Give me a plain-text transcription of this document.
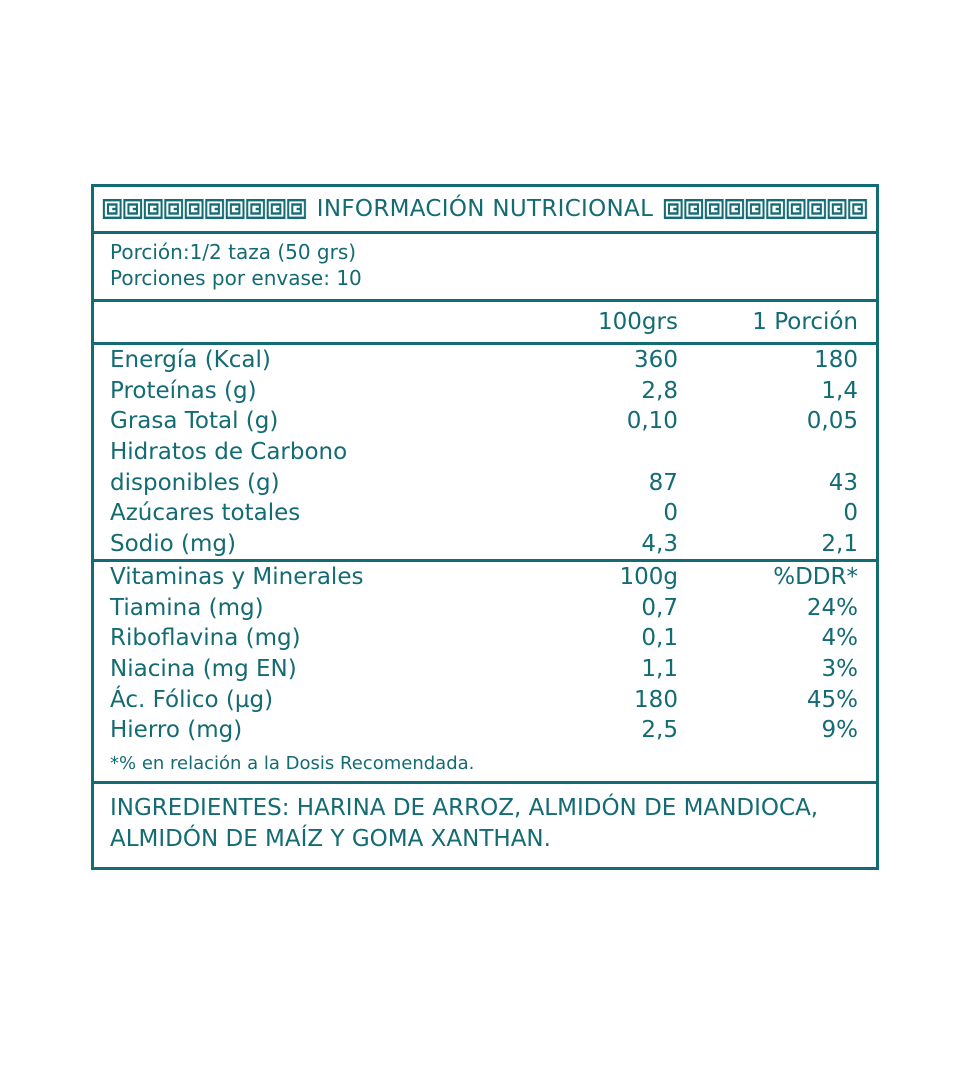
INFORMACIÓN NUTRICIONAL
Porción:1/2 taza (50 grs)
Porciones por envase: 10
	100grs	1 Porción
Energía (Kcal)	360	180
Proteínas (g)	2,8	1,4
Grasa Total (g)	0,10	0,05
Hidratos de Carbono
disponibles (g)	87	43
Azúcares totales	0	0
Sodio (mg)	4,3	2,1
Vitaminas y Minerales	100g	%DDR*
Tiamina (mg)	0,7	24%
Riboflavina (mg)	0,1	4%
Niacina (mg EN)	1,1	3%
Ác. Fólico (µg)	180	45%
Hierro (mg)	2,5	9%
*% en relación a la Dosis Recomendada.
INGREDIENTES: HARINA DE ARROZ, ALMIDÓN DE MANDIOCA,
ALMIDÓN DE MAÍZ Y GOMA XANTHAN.
